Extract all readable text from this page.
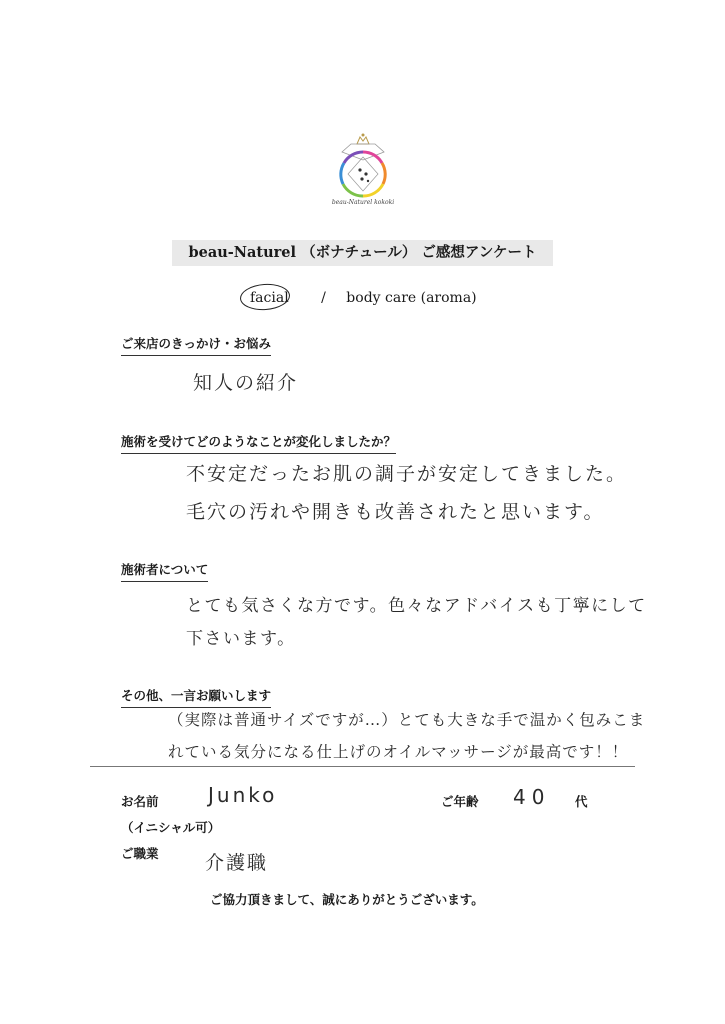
beau-Naturel kokoki
beau-Naturel （ボナチュール） ご感想アンケート
facial / body care (aroma)
ご来店のきっかけ・お悩み
知人の紹介
施術を受けてどのようなことが変化しましたか？
不安定だったお肌の調子が安定してきました。
毛穴の汚れや開きも改善されたと思います。
施術者について
とても気さくな方です。色々なアドバイスも丁寧にして
下さいます。
その他、一言お願いします
（実際は普通サイズですが…）とても大きな手で温かく包みこま
れている気分になる仕上げのオイルマッサージが最高です！！
お名前
（イニシャル可）
Junko	ご年齢 40 代
ご職業 介護職
ご協力頂きまして、誠にありがとうございます。
